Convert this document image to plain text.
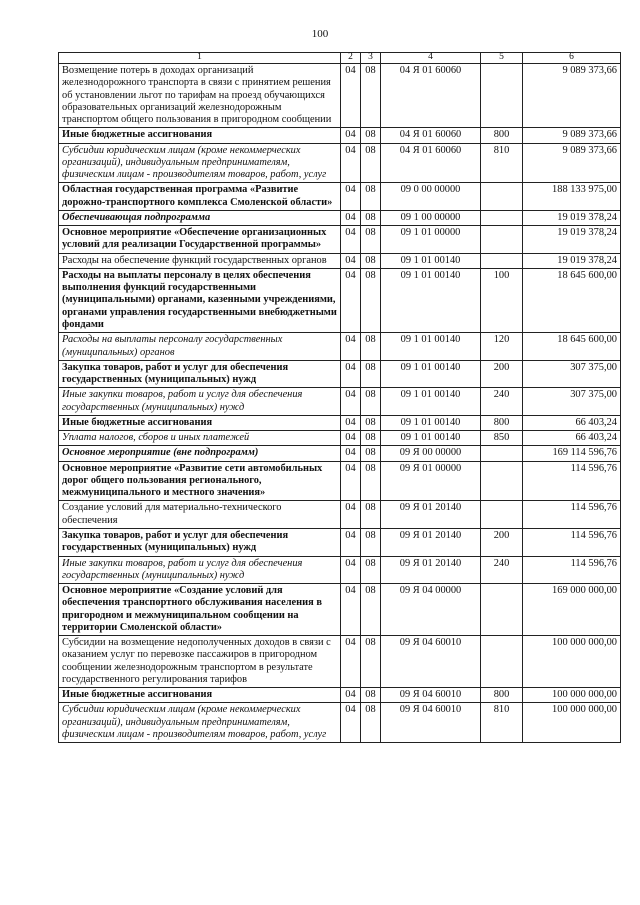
100
1	2	3	4	5	6
Возмещение потерь в доходах организаций железнодорожного транспорта в связи с принятием решения об установлении льгот по тарифам на проезд обучающихся образовательных организаций железнодорожным транспортом общего пользования в пригородном сообщении	04	08	04 Я 01 60060		9 089 373,66
Иные бюджетные ассигнования	04	08	04 Я 01 60060	800	9 089 373,66
Субсидии юридическим лицам (кроме некоммерческих организаций), индивидуальным предпринимателям, физическим лицам - производителям товаров, работ, услуг	04	08	04 Я 01 60060	810	9 089 373,66
Областная государственная программа «Развитие дорожно-транспортного комплекса Смоленской области»	04	08	09 0 00 00000		188 133 975,00
Обеспечивающая подпрограмма	04	08	09 1 00 00000		19 019 378,24
Основное мероприятие «Обеспечение организационных условий для реализации Государственной программы»	04	08	09 1 01 00000		19 019 378,24
Расходы на обеспечение функций государственных органов	04	08	09 1 01 00140		19 019 378,24
Расходы на выплаты персоналу в целях обеспечения выполнения функций государственными (муниципальными) органами, казенными учреждениями, органами управления государственными внебюджетными фондами	04	08	09 1 01 00140	100	18 645 600,00
Расходы на выплаты персоналу государственных (муниципальных) органов	04	08	09 1 01 00140	120	18 645 600,00
Закупка товаров, работ и услуг для обеспечения государственных (муниципальных) нужд	04	08	09 1 01 00140	200	307 375,00
Иные закупки товаров, работ и услуг для обеспечения государственных (муниципальных) нужд	04	08	09 1 01 00140	240	307 375,00
Иные бюджетные ассигнования	04	08	09 1 01 00140	800	66 403,24
Уплата налогов, сборов и иных платежей	04	08	09 1 01 00140	850	66 403,24
Основное мероприятие (вне подпрограмм)	04	08	09 Я 00 00000		169 114 596,76
Основное мероприятие «Развитие сети автомобильных дорог общего пользования регионального, межмуниципального и местного значения»	04	08	09 Я 01 00000		114 596,76
Создание условий для материально-технического обеспечения	04	08	09 Я 01 20140		114 596,76
Закупка товаров, работ и услуг для обеспечения государственных (муниципальных) нужд	04	08	09 Я 01 20140	200	114 596,76
Иные закупки товаров, работ и услуг для обеспечения государственных (муниципальных) нужд	04	08	09 Я 01 20140	240	114 596,76
Основное мероприятие «Создание условий для обеспечения транспортного обслуживания населения в пригородном и межмуниципальном сообщении на территории Смоленской области»	04	08	09 Я 04 00000		169 000 000,00
Субсидии на возмещение недополученных доходов в связи с оказанием услуг по перевозке пассажиров в пригородном сообщении железнодорожным транспортом в результате государственного регулирования тарифов	04	08	09 Я 04 60010		100 000 000,00
Иные бюджетные ассигнования	04	08	09 Я 04 60010	800	100 000 000,00
Субсидии юридическим лицам (кроме некоммерческих организаций), индивидуальным предпринимателям, физическим лицам - производителям товаров, работ, услуг	04	08	09 Я 04 60010	810	100 000 000,00
